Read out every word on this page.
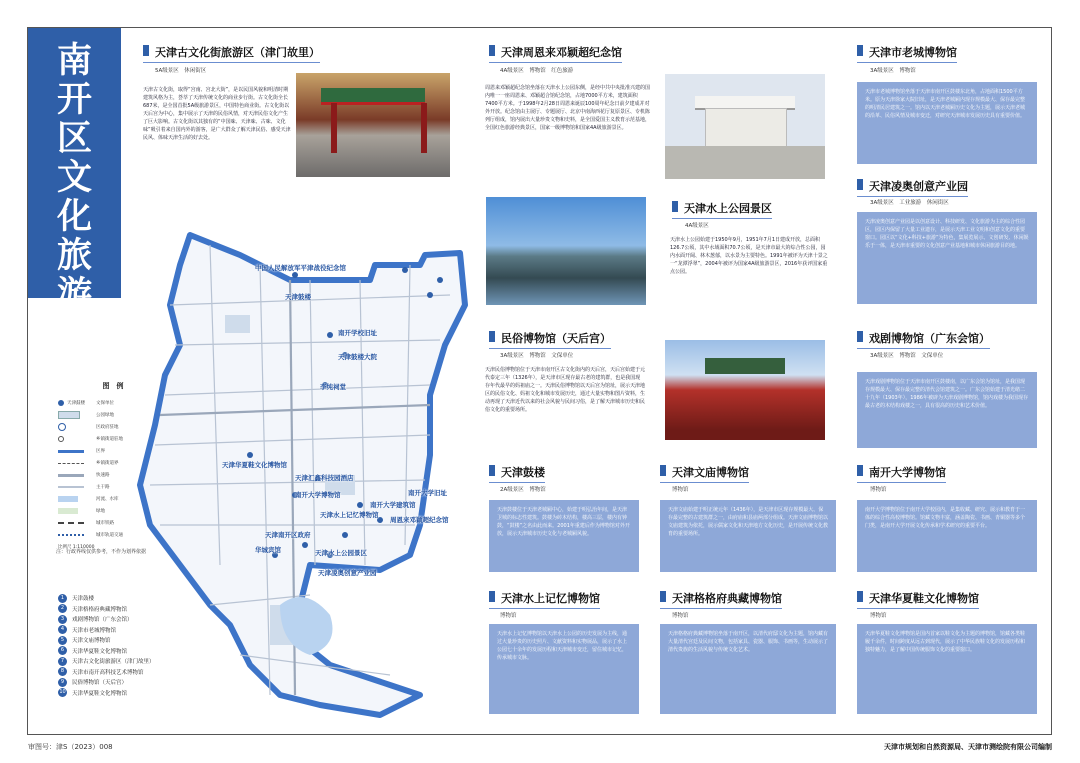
南
开
区
文
化
旅
游
中国人民解放军平津战役纪念馆
天津鼓楼
南开学校旧址
天津鼓楼大院
李纯祠堂
天津华夏鞋文化博物馆
天津汇鑫科技园酒店
南开大学博物馆
南开大学建筑馆
天津水上记忆博物馆
周恩来邓颖超纪念馆
华城宾馆	天津水上公园景区
天津凌奥创意产业园
南开大学旧址
天津南开区政府
图　例
天津鼓楼 文保单位
公园绿地
区政府驻地
乡镇街道驻地
区界
乡镇街道界
快速路
主干路
河流、水库
绿地
城市铁路
城市轨道交通
比例尺 1:110000
注：行政界线仅供参考，不作为划界依据
1	天津鼓楼
2	天津格格府典藏博物馆
3	戏剧博物馆（广东会馆）
4	天津市老城博物馆
5	天津文庙博物馆
6	天津华夏鞋文化博物馆
7	天津古文化街旅游区（津门故里）
8	天津市南开高科技艺术博物馆
9	民俗博物馆（天后宫）
10 天津华夏鞋文化博物馆
天津古文化街旅游区（津门故里）
5A级景区　休闲街区
天津古文化街，取得“宫南、宫北大街”，是以民国风貌和明清时期建筑风格为主，荟萃了天津传统文化的商业步行街。古文化街全长687米，是全国首批5A级旅游景区，中国特色商业街。古文化街以天后宫为中心，集中展示了天津的民俗风情，对天津民俗文化产生了巨大影响。古文化街以其独有的“中国味、天津味、古味、文化味”吸引着来自国内外的游客，是广大群众了解天津民俗、感受天津民风、体味天津生活的好去处。
天津周恩来邓颖超纪念馆
4A级景区　博物馆　红色旅游
周恩来邓颖超纪念馆坐落在天津水上公园东侧，是经中共中央批准兴建的国内唯一一座周恩来、邓颖超合馆纪念馆，占地7000平方米，建筑面积7400平方米。于1998年2月28日周恩来诞辰100周年纪念日前夕建成并对外开放。纪念馆由主展厅、专题展厅、北京中南海西花厅复原景区、专机陈列厅组成，馆内展出大量珍贵文物和史料，是全国爱国主义教育示范基地，全国红色旅游经典景区，国家一级博物馆和国家4A级旅游景区。
天津市老城博物馆
3A级景区　博物馆
天津市老城博物馆坐落于天津市南开区鼓楼东北角，占地面积1500平方米。原为天津徐家大院旧址，是天津老城厢内现存规模最大、保存最完整的明清民居建筑之一。馆内以天津老城厢历史文化为主题，展示天津老城的沿革、民俗风情及城市变迁，对研究天津城市发展历史具有重要价值。
天津水上公园景区
4A级景区
天津水上公园始建于1950年9月，1951年7月1日建成开放，总面积126.7公顷，其中水域面积70.7公顷，是天津市最大的综合性公园，园内水面开阔、林木葱郁，以水景为主要特色。1991年被评为天津十景之一“龙潭浮翠”，2004年被评为国家4A级旅游景区，2016年获评国家重点公园。
天津凌奥创意产业园
3A级景区　工业旅游　休闲街区
天津凌奥创意产业园是以创意设计、科技研发、文化旅游为主的综合性园区，园区内保留了大量工业遗存，是展示天津工业文明和创意文化的重要窗口。园区以“文化+科技+旅游”为特色，集展览展示、文创研发、休闲娱乐于一体，是天津市重要的文化创意产业基地和城市休闲旅游目的地。
民俗博物馆（天后宫）
3A级景区　博物馆　文保单位
天津民俗博物馆位于天津市南开区古文化街内的天后宫，天后宫始建于元代泰定三年（1326年），是天津市区现存最古老的建筑群，也是我国现存年代最早的妈祖庙之一。天津民俗博物馆以天后宫为馆址，展示天津地区的民俗文化、妈祖文化和城市发展历史，通过大量实物和图片资料，生动再现了天津近代以来的社会风貌与民间习俗，是了解天津城市历史和民俗文化的重要场所。
戏剧博物馆（广东会馆）
3A级景区　博物馆　文保单位
天津戏剧博物馆位于天津市南开区鼓楼南，以广东会馆为馆址，是我国现存规模最大、保存最完整的清代会馆建筑之一。广东会馆始建于清光绪二十九年（1903年），1986年被辟为天津戏剧博物馆，馆内戏楼为我国现存最古老的木结构戏楼之一，具有很高的历史和艺术价值。
天津鼓楼
2A级景区　博物馆
天津鼓楼位于天津老城厢中心，始建于明弘治年间，是天津卫城的标志性建筑。鼓楼为砖木结构，楼高三层，楼内有钟鼓，“鼓楼”之名由此而来。2001年重建后作为博物馆对外开放，展示天津城市历史文化与老城厢风貌。
天津文庙博物馆
博物馆
天津文庙始建于明正统元年（1436年），是天津市区现存规模最大、保存最完整的古建筑群之一，由府庙和县庙两部分组成。天津文庙博物馆以文庙建筑为依托，展示儒家文化和天津地方文化历史，是开展传统文化教育的重要场所。
南开大学博物馆
博物馆
南开大学博物馆位于南开大学校园内，是集收藏、研究、展示和教育于一体的综合性高校博物馆。馆藏文物丰富，涵盖陶瓷、书画、青铜器等多个门类，是南开大学开展文化传承和学术研究的重要平台。
天津水上记忆博物馆
博物馆
天津水上记忆博物馆以天津水上公园的历史发展为主线，通过大量珍贵的历史照片、文献资料和实物展品，展示了水上公园七十余年的发展历程和天津城市变迁，留住城市记忆，传承城市文脉。
天津格格府典藏博物馆
博物馆
天津格格府典藏博物馆坐落于南开区，以清代府邸文化为主题，馆内藏有大量清代宫廷及民间文物，包括家具、瓷器、服饰、书画等，生动展示了清代贵族的生活风貌与传统文化艺术。
天津华夏鞋文化博物馆
博物馆
天津华夏鞋文化博物馆是国内首家以鞋文化为主题的博物馆，馆藏各类鞋履千余件，时间跨度从远古到现代，展示了中华民族鞋文化的发展历程和独特魅力，是了解中国传统服饰文化的重要窗口。
审图号：津S（2023）008	天津市规划和自然资源局、天津市测绘院有限公司编制
